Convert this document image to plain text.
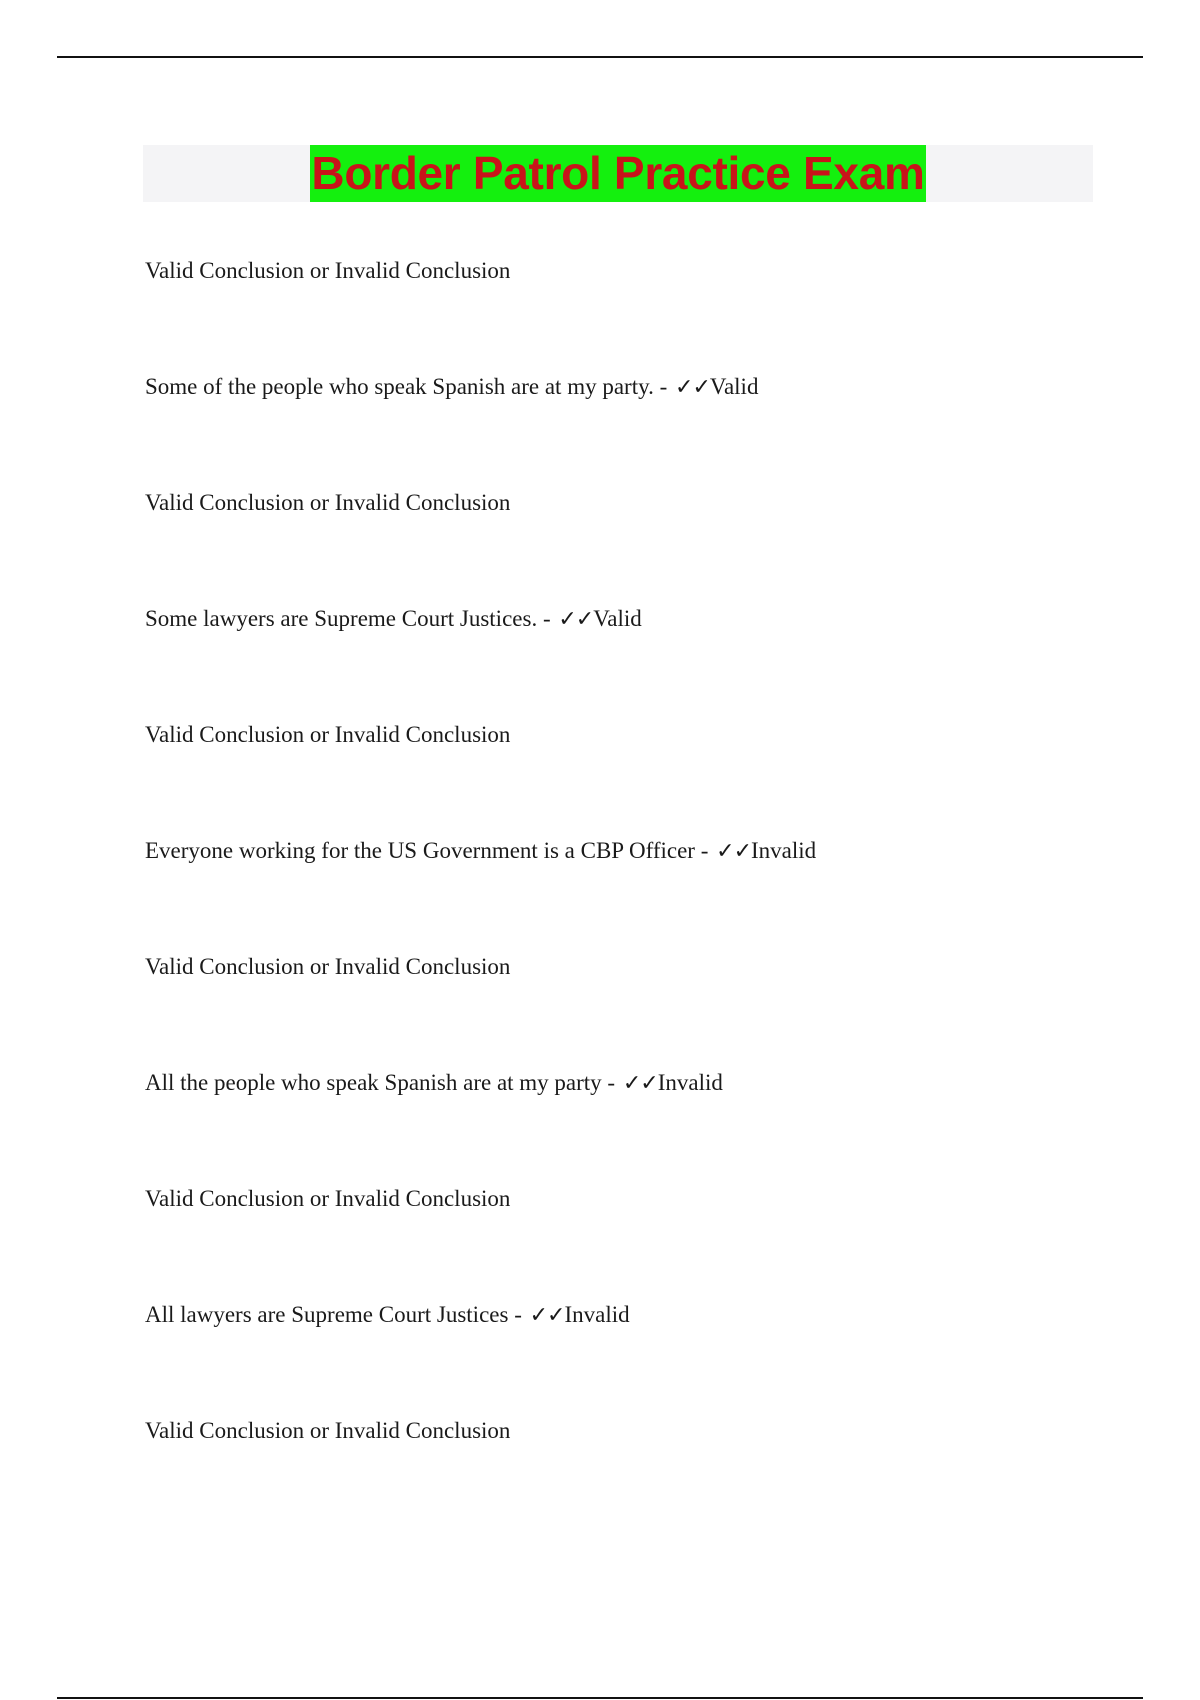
Border Patrol Practice Exam
Valid Conclusion or Invalid Conclusion
Some of the people who speak Spanish are at my party. - ✓✓Valid
Valid Conclusion or Invalid Conclusion
Some lawyers are Supreme Court Justices. - ✓✓Valid
Valid Conclusion or Invalid Conclusion
Everyone working for the US Government is a CBP Officer - ✓✓Invalid
Valid Conclusion or Invalid Conclusion
All the people who speak Spanish are at my party - ✓✓Invalid
Valid Conclusion or Invalid Conclusion
All lawyers are Supreme Court Justices - ✓✓Invalid
Valid Conclusion or Invalid Conclusion
